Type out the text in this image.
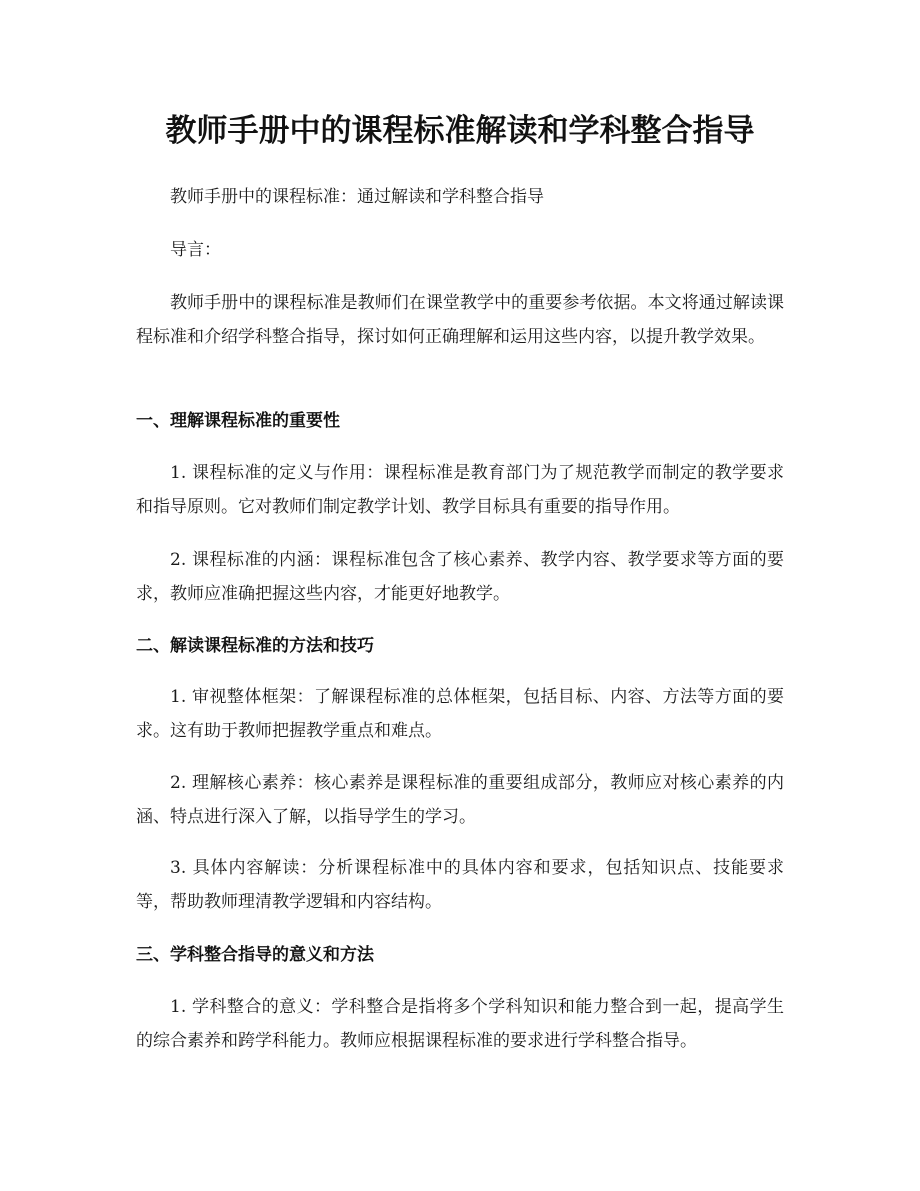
教师手册中的课程标准解读和学科整合指导

教师手册中的课程标准：通过解读和学科整合指导

导言：

教师手册中的课程标准是教师们在课堂教学中的重要参考依据。本文将通过解读课程标准和介绍学科整合指导，探讨如何正确理解和运用这些内容，以提升教学效果。

一、理解课程标准的重要性

1. 课程标准的定义与作用：课程标准是教育部门为了规范教学而制定的教学要求和指导原则。它对教师们制定教学计划、教学目标具有重要的指导作用。

2. 课程标准的内涵：课程标准包含了核心素养、教学内容、教学要求等方面的要求，教师应准确把握这些内容，才能更好地教学。

二、解读课程标准的方法和技巧

1. 审视整体框架：了解课程标准的总体框架，包括目标、内容、方法等方面的要求。这有助于教师把握教学重点和难点。

2. 理解核心素养：核心素养是课程标准的重要组成部分，教师应对核心素养的内涵、特点进行深入了解，以指导学生的学习。

3. 具体内容解读：分析课程标准中的具体内容和要求，包括知识点、技能要求等，帮助教师理清教学逻辑和内容结构。

三、学科整合指导的意义和方法

1. 学科整合的意义：学科整合是指将多个学科知识和能力整合到一起，提高学生的综合素养和跨学科能力。教师应根据课程标准的要求进行学科整合指导。
